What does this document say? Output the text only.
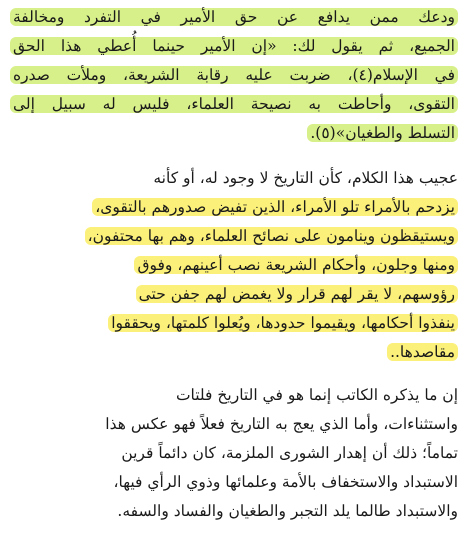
ودعك ممن يدافع عن حق الأمير في التفرد ومخالفة
الجميع، ثم يقول لك: «إن الأمير حينما أُعطي هذا الحق
في الإسلام(٤)، ضربت عليه رقابة الشريعة، وملأت صدره
التقوى، وأحاطت به نصيحة العلماء، فليس له سبيل إلى
التسلط والطغيان»(٥).
عجيب هذا الكلام، كأن التاريخ لا وجود له، أو كأنه
يزدحم بالأمراء تلو الأمراء، الذين تفيض صدورهم بالتقوى،
ويستيقظون وينامون على نصائح العلماء، وهم بها محتفون،
ومنها وجلون، وأحكام الشريعة نصب أعينهم، وفوق
رؤوسهم، لا يقر لهم قرار ولا يغمض لهم جفن حتى
ينفذوا أحكامها، ويقيموا حدودها، ويُعلوا كلمتها، ويحققوا
مقاصدها..
إن ما يذكره الكاتب إنما هو في التاريخ فلتات
واستثناءات، وأما الذي يعج به التاريخ فعلاً فهو عكس هذا
تماماً؛ ذلك أن إهدار الشورى الملزمة، كان دائماً قرين
الاستبداد والاستخفاف بالأمة وعلمائها وذوي الرأي فيها،
والاستبداد طالما يلد التجبر والطغيان والفساد والسفه.
